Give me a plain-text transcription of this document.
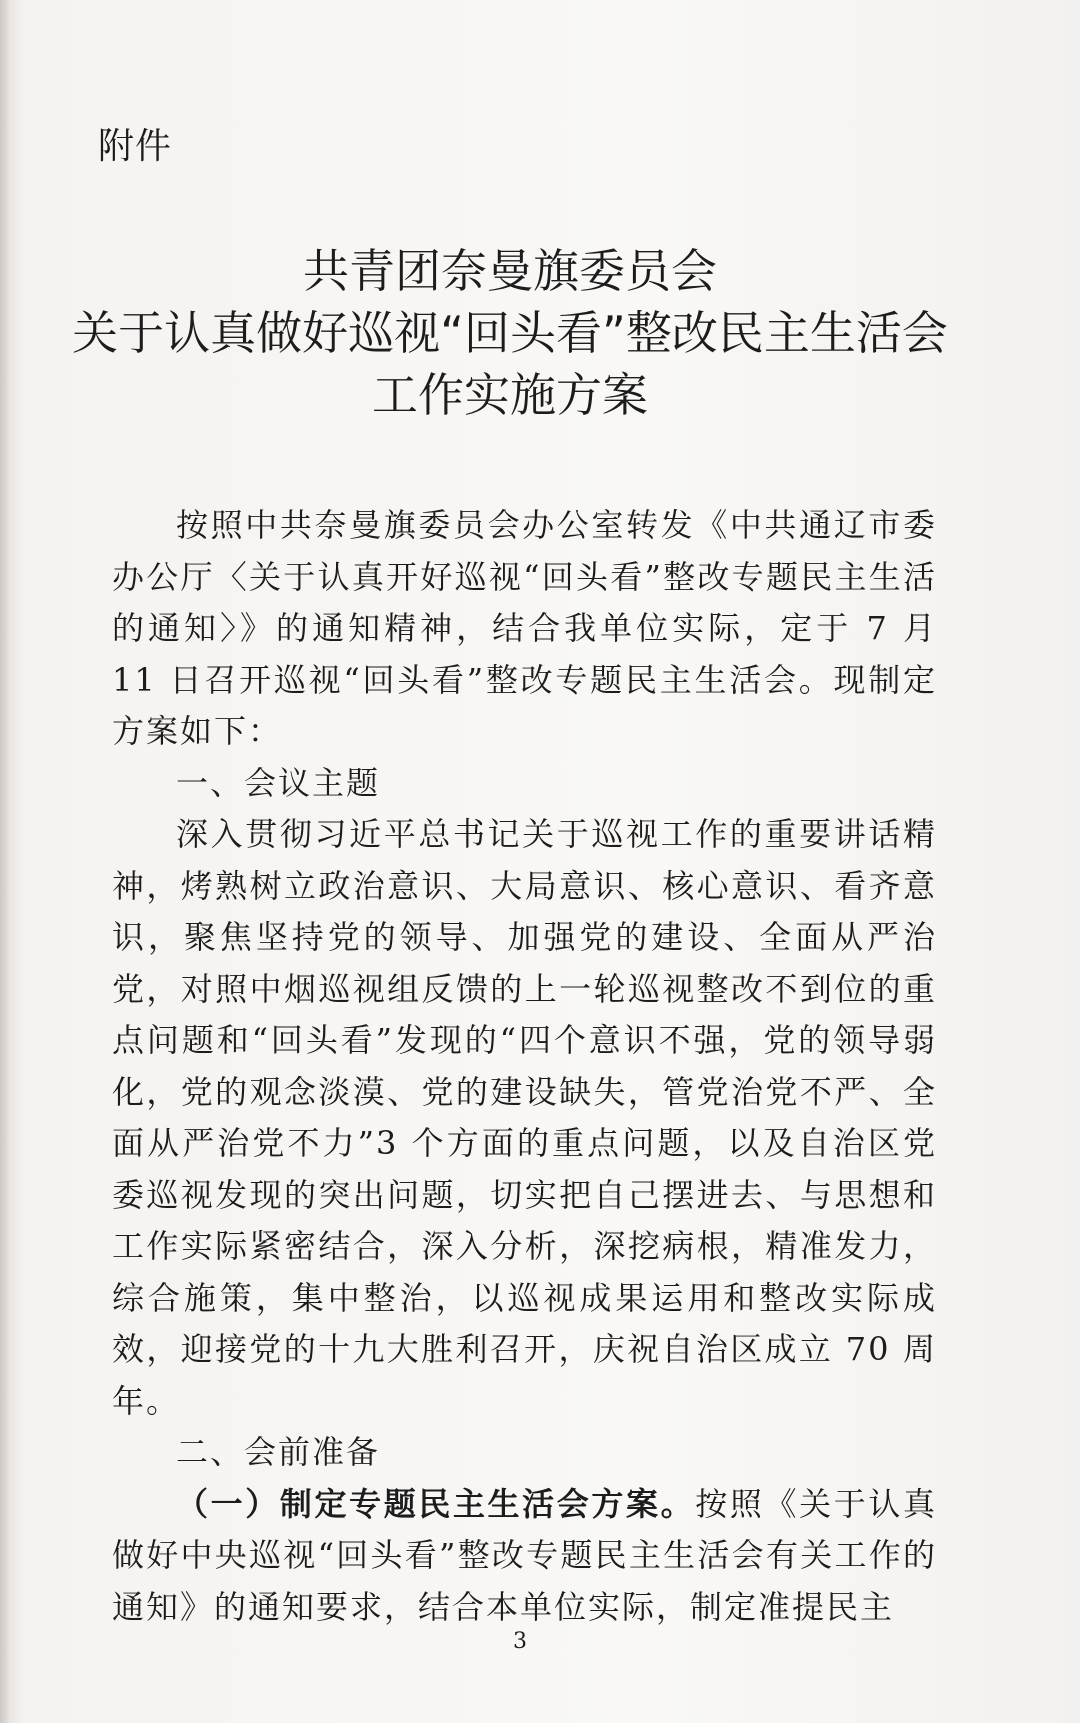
附件

共青团奈曼旗委员会
关于认真做好巡视“回头看”整改民主生活会
工作实施方案

按照中共奈曼旗委员会办公室转发《中共通辽市委办公厅〈关于认真开好巡视“回头看”整改专题民主生活的通知〉》的通知精神，结合我单位实际，定于 7 月 11 日召开巡视“回头看”整改专题民主生活会。现制定方案如下：

一、会议主题

深入贯彻习近平总书记关于巡视工作的重要讲话精神，烤熟树立政治意识、大局意识、核心意识、看齐意识，聚焦坚持党的领导、加强党的建设、全面从严治党，对照中烟巡视组反馈的上一轮巡视整改不到位的重点问题和“回头看”发现的“四个意识不强，党的领导弱化，党的观念淡漠、党的建设缺失，管党治党不严、全面从严治党不力”3 个方面的重点问题，以及自治区党委巡视发现的突出问题，切实把自己摆进去、与思想和工作实际紧密结合，深入分析，深挖病根，精准发力，综合施策，集中整治，以巡视成果运用和整改实际成效，迎接党的十九大胜利召开，庆祝自治区成立 70 周年。

二、会前准备

（一）制定专题民主生活会方案。按照《关于认真做好中央巡视“回头看”整改专题民主生活会有关工作的通知》的通知要求，结合本单位实际，制定准提民主

3
